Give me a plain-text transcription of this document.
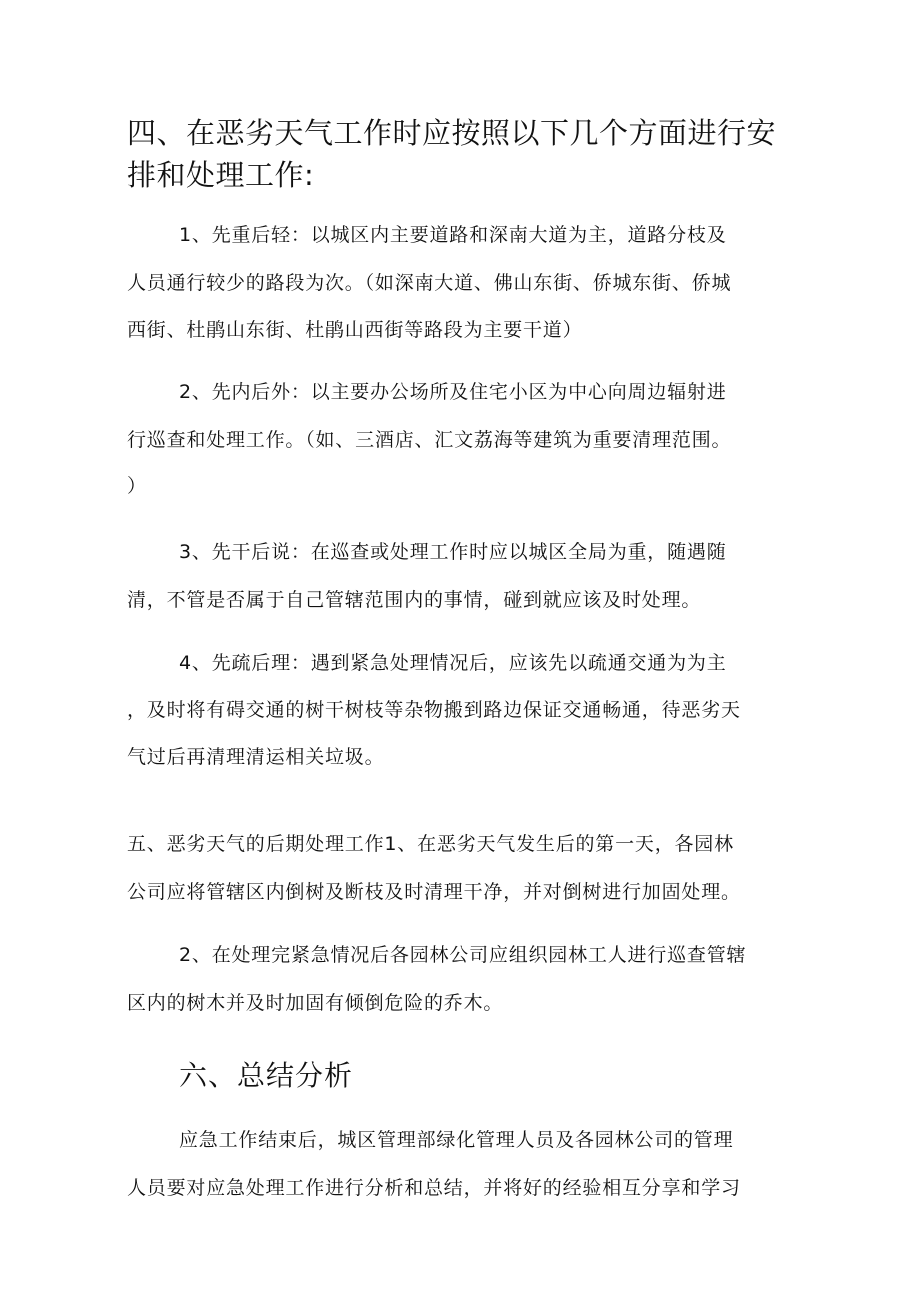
四、在恶劣天气工作时应按照以下几个方面进行安

排和处理工作:

1、先重后轻：以城区内主要道路和深南大道为主，道路分枝及

人员通行较少的路段为次。（如深南大道、佛山东街、侨城东街、侨城

西街、杜鹃山东街、杜鹃山西街等路段为主要干道）

2、先内后外：以主要办公场所及住宅小区为中心向周边辐射进

行巡查和处理工作。（如、三酒店、汇文荔海等建筑为重要清理范围。

）

3、先干后说：在巡查或处理工作时应以城区全局为重，随遇随

清，不管是否属于自己管辖范围内的事情，碰到就应该及时处理。

4、先疏后理：遇到紧急处理情况后，应该先以疏通交通为为主

，及时将有碍交通的树干树枝等杂物搬到路边保证交通畅通，待恶劣天

气过后再清理清运相关垃圾。

五、恶劣天气的后期处理工作1、在恶劣天气发生后的第一天，各园林

公司应将管辖区内倒树及断枝及时清理干净，并对倒树进行加固处理。

2、在处理完紧急情况后各园林公司应组织园林工人进行巡查管辖

区内的树木并及时加固有倾倒危险的乔木。

六、总结分析

应急工作结束后，城区管理部绿化管理人员及各园林公司的管理

人员要对应急处理工作进行分析和总结，并将好的经验相互分享和学习
